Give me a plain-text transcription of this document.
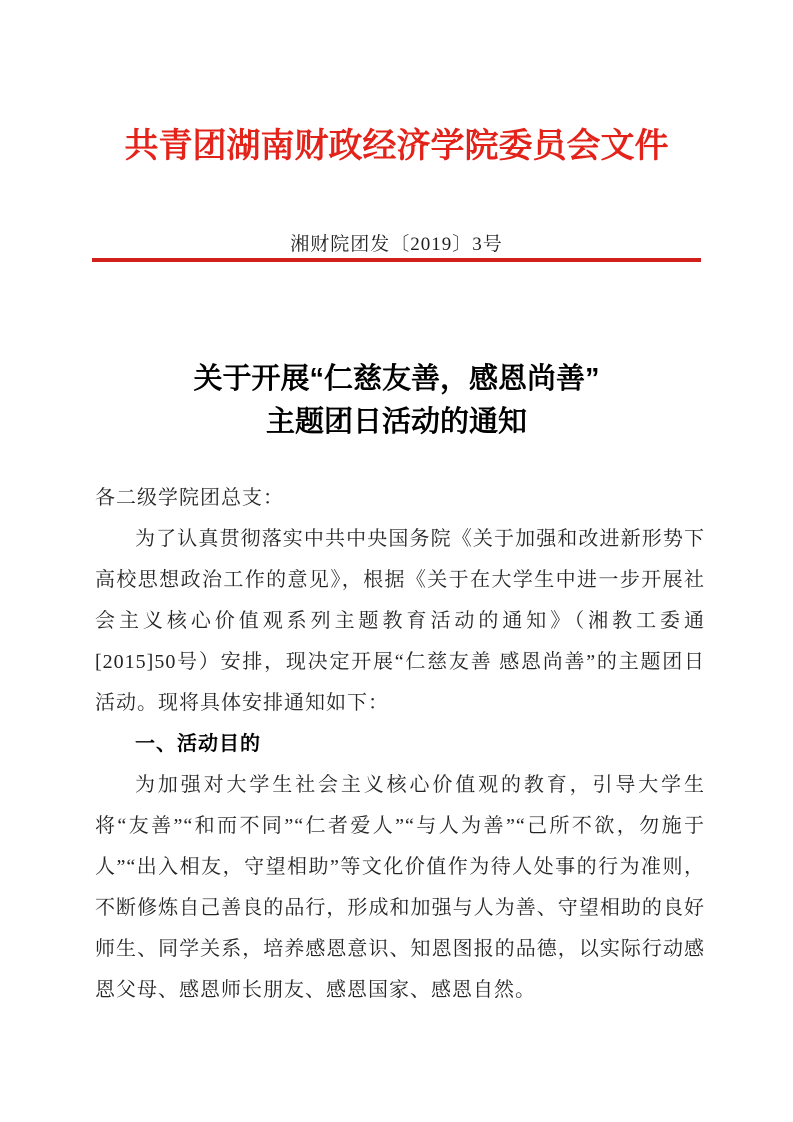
共青团湖南财政经济学院委员会文件
湘财院团发〔2019〕3号
关于开展“仁慈友善，感恩尚善”
主题团日活动的通知

各二级学院团总支：

为了认真贯彻落实中共中央国务院《关于加强和改进新形势下高校思想政治工作的意见》，根据《关于在大学生中进一步开展社会主义核心价值观系列主题教育活动的通知》（湘教工委通[2015]50号）安排，现决定开展“仁慈友善 感恩尚善”的主题团日活动。现将具体安排通知如下：

一、活动目的

为加强对大学生社会主义核心价值观的教育，引导大学生将“友善”“和而不同”“仁者爱人”“与人为善”“己所不欲，勿施于人”“出入相友，守望相助”等文化价值作为待人处事的行为准则，不断修炼自己善良的品行，形成和加强与人为善、守望相助的良好师生、同学关系，培养感恩意识、知恩图报的品德，以实际行动感恩父母、感恩师长朋友、感恩国家、感恩自然。
